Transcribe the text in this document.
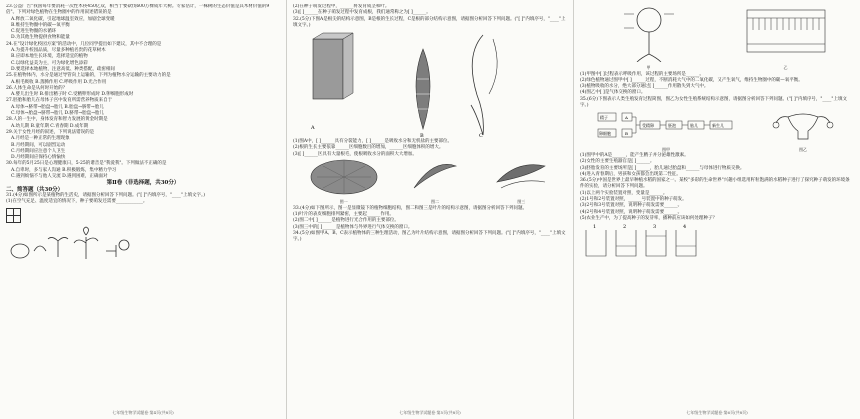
23.公益广告"我国每年要消耗一次性木筷450亿双，相当于要砍伐600万棵成年大树。专家估计，一株树的生态价值是其木材价值的9倍"。下列对绿色植物在生物圈中的作用叙述错误的是

A.释放二氧化碳，引起地球温室效应，加剧全球变暖

B.维持生物圈中的碳—氧平衡

C.促进生物圈的水循环

D.为其他生物提供食物和能量

24.在"设计绿化校园方案"的活动中，几位同学提出如下建议，其中不合理的是

A.为提升校园品质，尽量多种植名贵的花草树木

B.应即本地生长环境，选择适宜的植物

C.以绿化益美为主，可为绿化增色添彩

D.要选择本地植物，注意高低、种类搭配，疏密相间

25.在植物体内，水分是通过导管向上运输的，下列为植物水分运输的主要动力的是

A.根毛吸收 B.蒸腾作用 C.呼吸作用 D.光合作用

26.人体生命是从何时开始的？

A.婴儿出生时 B.排出精子时 C.受精卵形成时 D.卵细胞形成时

27.胚胎和胎儿在母体子宫中发育所需营养物质来自于

A.母体→脐带→胎盘→胎儿 B.胎盘→脐带→胎儿

C.母体→胎盘→脐带→胎儿 D.脐带→胎盘→胎儿

28.人的一生中，身体发育和智力发展的黄金时期是

A.幼儿期 B.童年期 C.青春期 D.成年期

29.关于女性月经的叙述，下列说法错误的是

A.月经是一种正常的生理现象

B.月经期间，可以剧烈运动

C.月经期间应注意个人卫生

D.月经期间应保持心情愉快

30.每年的5月25日是心理健康日，5·25的谐音是"我爱我"。下列做法不正确的是

A.自卑时，多与家人沟通 B.积极锻炼，集中精力学习

C.遇到烦恼不与他人交流 D.遇到困难，正确面对

第Ⅱ卷（非选择题，共30分）

二、简答题（共30分）

31.(4分)如图所示是某植物的生活史，请据图分析回答下列问题。("[ ]"内填序号，"____"上填文字。)

(1)在空气充足、温度适宜的情况下，种子要萌发还需要____________。

七年级生物学试题卷·第4页(共8页)

(2)在种子萌发过程中，______将发育成茎和叶。

(3)[ ]______在种子萌发过程中发育成根，我们通常称之为[ ]______。

32.(5分)下图A是根尖的结构示意图，B是根的生长过程，C是根的部分结构示意图，请据图分析回答下列问题。("[ ]"内填序号，"____"上填文字。)

A
B	C

(1)图A中，[ ]______具有分裂能力，[ ]______是吸收水分和无机盐的主要部位。

(2)根的生长主要依靠______区细胞数目的增加，______区细胞体积的增大。

(3)[ ]______区具有大量根毛，使根吸收水分的面积大大增加。

图一	图二	图三

33.(4分)如下图所示，图一是显微镜下的植物细胞结构，图二和图三是叶片的结构示意图，请据图分析回答下列问题。

(1)叶片的表皮细胞排列紧密，主要起______作用。

(2)图二中[ ]______是植物进行光合作用的主要部位。

(3)图三中的[ ]______是植物体与外界进行气体交换的窗口。

34.(5分)如图甲A、B、C表示植物体的三种生理活动，图乙为叶片结构示意图，请据图分析回答下列问题。("[ ]"内填序号，"____"上填文字。)

七年级生物学试题卷·第5页(共8页)
甲	乙

(1)甲图中[ ]过程表示呼吸作用，该过程的主要场所是______。

(2)绿色植物通过图甲中[ ]______过程，不断消耗大气中的二氧化碳，又产生氧气，维持生物圈中的碳—氧平衡。

(3)植物吸收的水分，绝大部分通过[ ]______作用散失到大气中。

(4)图乙中[ ]是气体交换的窗口。

35.(6分)下图表示人类生殖发育过程简图，图乙为女性生殖系统结构示意图，请据图分析回答下列问题。("[ ]"内填序号，"____"上填文字。)

精子	A
卵细胞	B
受精卵	胚泡	胎儿	新生儿
图甲	图乙

(1)图甲中的A是______，能产生精子并分泌雄性激素。

(2)女性的主要生殖器官是[ ]______。

(3)胚胎发育的主要场所是[ ]______，胎儿通过胎盘和______与母体进行物质交换。

(4)进入青春期后，男孩和女孩都会出现第二性征。

36.(5分)中国是世界上最早种植水稻的国家之一。某校"多彩的生命世界"兴趣小组选用籽粒饱满的水稻种子进行了探究种子萌发的环境条件的实验，请分析回答下列问题。

(1)以上两个实验装置对照，变量是______。

(2)1号和2号装置对照，______号装置中的种子萌发。

(3)2号和3号装置对照，说明种子萌发需要______。

(4)2号和4号装置对照，说明种子萌发需要______。

(5)农业生产中，为了提高种子的发芽率，播种前应该如何处理种子？

1	2	3	4
七年级生物学试题卷·第6页(共8页)
